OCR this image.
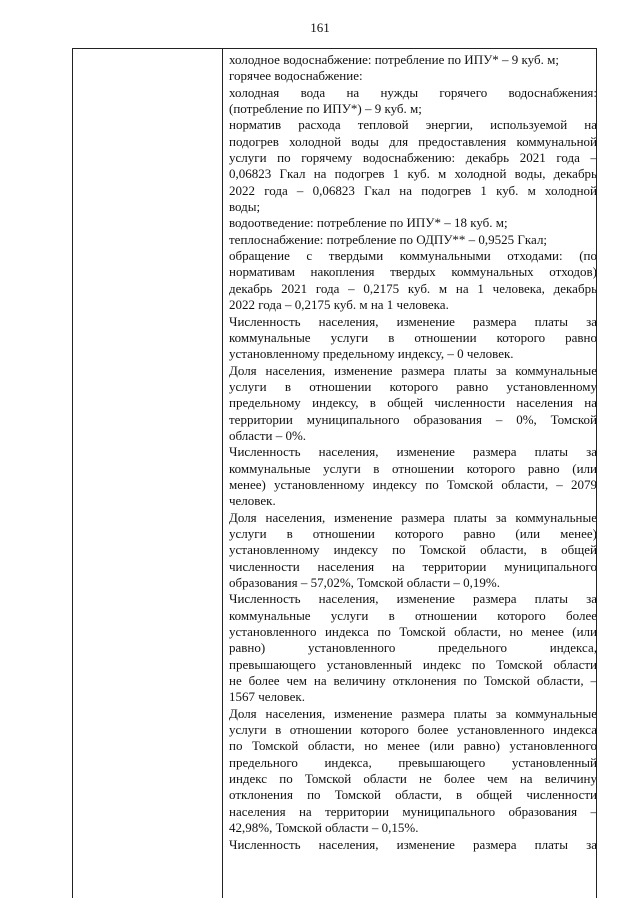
161
холодное водоснабжение: потребление по ИПУ* – 9 куб. м;
горячее водоснабжение:
холодная вода на нужды горячего водоснабжения:
(потребление по ИПУ*) – 9 куб. м;
норматив расхода тепловой энергии, используемой на
подогрев холодной воды для предоставления коммунальной
услуги по горячему водоснабжению: декабрь 2021 года –
0,06823 Гкал на подогрев 1 куб. м холодной воды, декабрь
2022 года – 0,06823 Гкал на подогрев 1 куб. м холодной
воды;
водоотведение: потребление по ИПУ* – 18 куб. м;
теплоснабжение: потребление по ОДПУ** – 0,9525 Гкал;
обращение с твердыми коммунальными отходами: (по
нормативам накопления твердых коммунальных отходов)
декабрь 2021 года – 0,2175 куб. м на 1 человека, декабрь
2022 года – 0,2175 куб. м на 1 человека.
Численность населения, изменение размера платы за
коммунальные услуги в отношении которого равно
установленному предельному индексу, – 0 человек.
Доля населения, изменение размера платы за коммунальные
услуги в отношении которого равно установленному
предельному индексу, в общей численности населения на
территории муниципального образования – 0%, Томской
области – 0%.
Численность населения, изменение размера платы за
коммунальные услуги в отношении которого равно (или
менее) установленному индексу по Томской области, – 2079
человек.
Доля населения, изменение размера платы за коммунальные
услуги в отношении которого равно (или менее)
установленному индексу по Томской области, в общей
численности населения на территории муниципального
образования – 57,02%, Томской области – 0,19%.
Численность населения, изменение размера платы за
коммунальные услуги в отношении которого более
установленного индекса по Томской области, но менее (или
равно) установленного предельного индекса,
превышающего установленный индекс по Томской области
не более чем на величину отклонения по Томской области, –
1567 человек.
Доля населения, изменение размера платы за коммунальные
услуги в отношении которого более установленного индекса
по Томской области, но менее (или равно) установленного
предельного индекса, превышающего установленный
индекс по Томской области не более чем на величину
отклонения по Томской области, в общей численности
населения на территории муниципального образования –
42,98%, Томской области – 0,15%.
Численность населения, изменение размера платы за
